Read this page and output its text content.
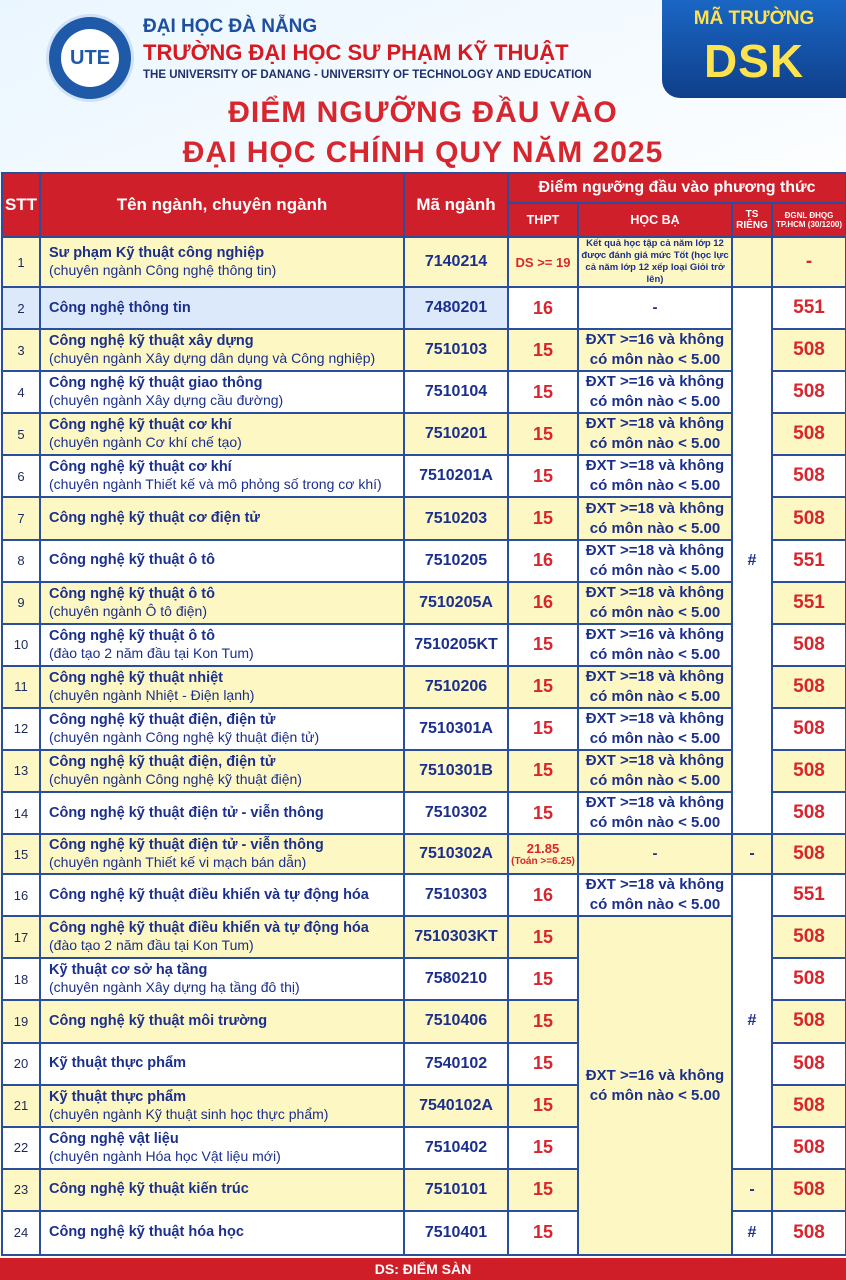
UTE
ĐẠI HỌC ĐÀ NẴNG
TRƯỜNG ĐẠI HỌC SƯ PHẠM KỸ THUẬT
THE UNIVERSITY OF DANANG - UNIVERSITY OF TECHNOLOGY AND EDUCATION
MÃ TRƯỜNG
DSK
ĐIỂM NGƯỠNG ĐẦU VÀO
ĐẠI HỌC CHÍNH QUY NĂM 2025
STT	Tên ngành, chuyên ngành	Mã ngành	Điểm ngưỡng đầu vào phương thức			
			THPT	HỌC BẠ	TS RIÊNG	ĐGNL ĐHQG TP.HCM (30/1200)
1	Sư phạm Kỹ thuật công nghiệp
(chuyên ngành Công nghệ thông tin)	7140214	DS >= 19	Kết quả học tập cả năm lớp 12 được đánh giá mức Tốt (học lực cả năm lớp 12 xếp loại Giỏi trở lên)		-
2	Công nghệ thông tin	7480201	16	-	#	551
3	Công nghệ kỹ thuật xây dựng
(chuyên ngành Xây dựng dân dụng và Công nghiệp)	7510103	15	ĐXT >=16 và không có môn nào < 5.00		508
4	Công nghệ kỹ thuật giao thông
(chuyên ngành Xây dựng cầu đường)	7510104	15	ĐXT >=16 và không có môn nào < 5.00		508
5	Công nghệ kỹ thuật cơ khí
(chuyên ngành Cơ khí chế tạo)	7510201	15	ĐXT >=18 và không có môn nào < 5.00		508
6	Công nghệ kỹ thuật cơ khí
(chuyên ngành Thiết kế và mô phỏng số trong cơ khí)	7510201A	15	ĐXT >=18 và không có môn nào < 5.00		508
7	Công nghệ kỹ thuật cơ điện tử	7510203	15	ĐXT >=18 và không có môn nào < 5.00		508
8	Công nghệ kỹ thuật ô tô	7510205	16	ĐXT >=18 và không có môn nào < 5.00		551
9	Công nghệ kỹ thuật ô tô
(chuyên ngành Ô tô điện)	7510205A	16	ĐXT >=18 và không có môn nào < 5.00		551
10	Công nghệ kỹ thuật ô tô
(đào tạo 2 năm đầu tại Kon Tum)	7510205KT	15	ĐXT >=16 và không có môn nào < 5.00		508
11	Công nghệ kỹ thuật nhiệt
(chuyên ngành Nhiệt - Điện lạnh)	7510206	15	ĐXT >=18 và không có môn nào < 5.00		508
12	Công nghệ kỹ thuật điện, điện tử
(chuyên ngành Công nghệ kỹ thuật điện tử)	7510301A	15	ĐXT >=18 và không có môn nào < 5.00		508
13	Công nghệ kỹ thuật điện, điện tử
(chuyên ngành Công nghệ kỹ thuật điện)	7510301B	15	ĐXT >=18 và không có môn nào < 5.00		508
14	Công nghệ kỹ thuật điện tử - viễn thông	7510302	15	ĐXT >=18 và không có môn nào < 5.00		508
15	Công nghệ kỹ thuật điện tử - viễn thông
(chuyên ngành Thiết kế vi mạch bán dẫn)	7510302A	21.85
(Toán >=6.25)	-	-	508
16	Công nghệ kỹ thuật điều khiển và tự động hóa	7510303	16	ĐXT >=18 và không có môn nào < 5.00	#	551
17	Công nghệ kỹ thuật điều khiển và tự động hóa
(đào tạo 2 năm đầu tại Kon Tum)	7510303KT	15	ĐXT >=16 và không có môn nào < 5.00		508
18	Kỹ thuật cơ sở hạ tầng
(chuyên ngành Xây dựng hạ tầng đô thị)	7580210	15			508
19	Công nghệ kỹ thuật môi trường	7510406	15			508
20	Kỹ thuật thực phẩm	7540102	15			508
21	Kỹ thuật thực phẩm
(chuyên ngành Kỹ thuật sinh học thực phẩm)	7540102A	15			508
22	Công nghệ vật liệu
(chuyên ngành Hóa học Vật liệu mới)	7510402	15			508
23	Công nghệ kỹ thuật kiến trúc	7510101	15		-	508
24	Công nghệ kỹ thuật hóa học	7510401	15		#	508
DS: ĐIỂM SÀN
